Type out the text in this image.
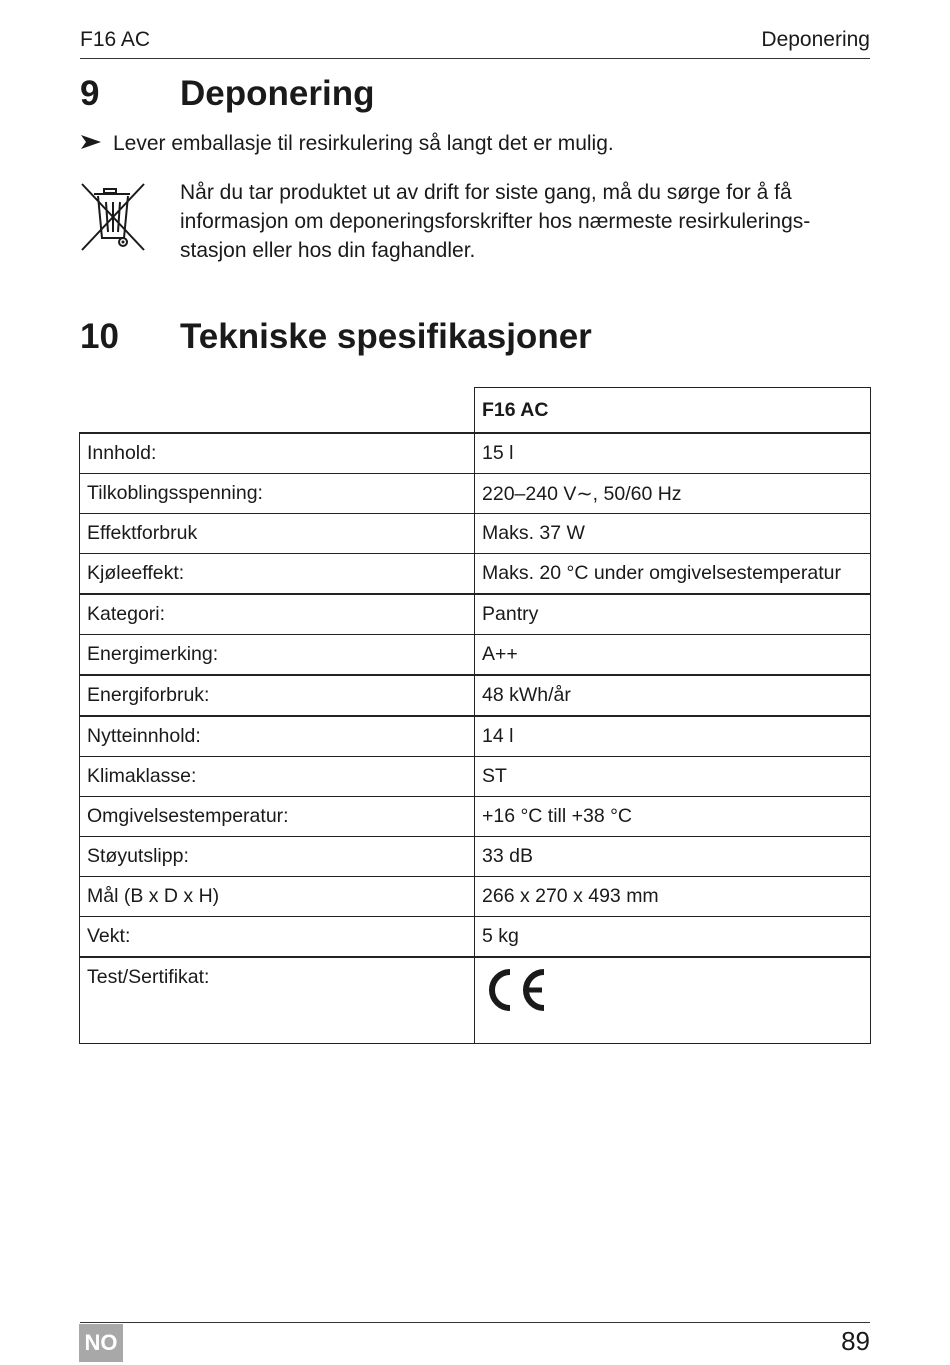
F16 AC	Deponering
9 Deponering
Lever emballasje til resirkulering så langt det er mulig.
Når du tar produktet ut av drift for siste gang, må du sørge for å få
informasjon om deponeringsforskrifter hos nærmeste resirkulerings-
stasjon eller hos din faghandler.
10 Tekniske spesifikasjoner
	F16 AC
Innhold:	15 l
Tilkoblingsspenning:	220–240 V∼, 50/60 Hz
Effektforbruk	Maks. 37 W
Kjøleeffekt:	Maks. 20 °C under omgivelsestemperatur
Kategori:	Pantry
Energimerking:	A++
Energiforbruk:	48 kWh/år
Nytteinnhold:	14 l
Klimaklasse:	ST
Omgivelsestemperatur:	+16 °C till +38 °C
Støyutslipp:	33 dB
Mål (B x D x H)	266 x 270 x 493 mm
Vekt:	5 kg
Test/Sertifikat:	
NO	89
